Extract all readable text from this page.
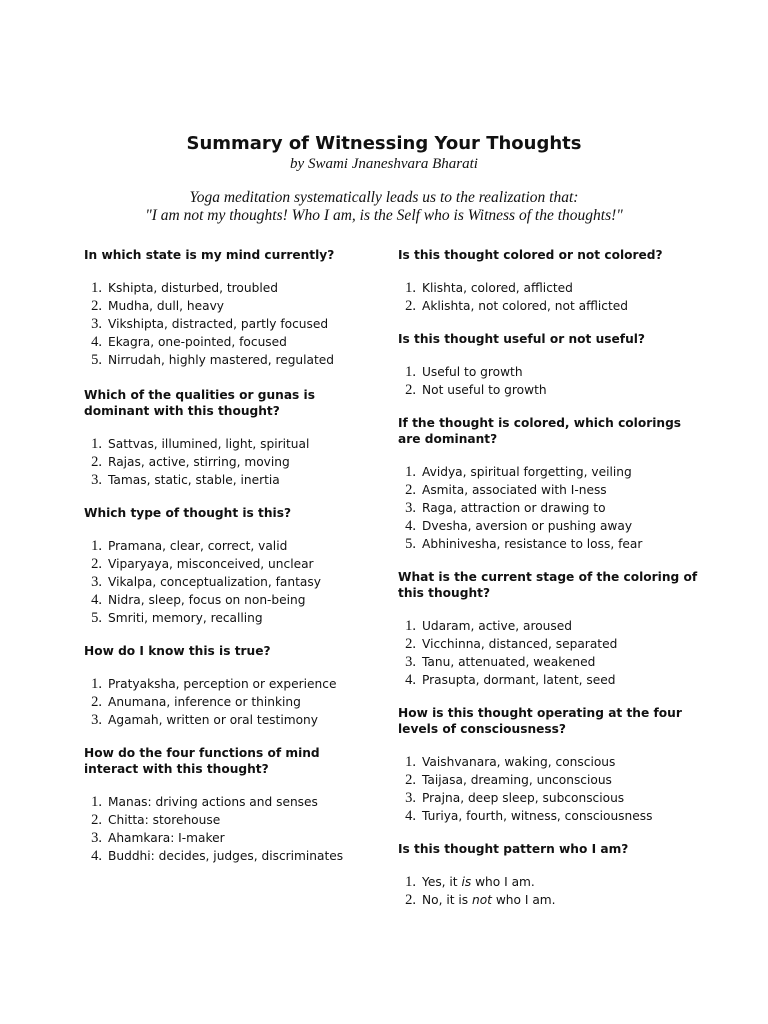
Summary of Witnessing Your Thoughts
by Swami Jnaneshvara Bharati
Yoga meditation systematically leads us to the realization that:
"I am not my thoughts! Who I am, is the Self who is Witness of the thoughts!"
In which state is my mind currently?
1. Kshipta, disturbed, troubled
2. Mudha, dull, heavy
3. Vikshipta, distracted, partly focused
4. Ekagra, one-pointed, focused
5. Nirrudah, highly mastered, regulated
Which of the qualities or gunas is dominant with this thought?
1. Sattvas, illumined, light, spiritual
2. Rajas, active, stirring, moving
3. Tamas, static, stable, inertia
Which type of thought is this?
1. Pramana, clear, correct, valid
2. Viparyaya, misconceived, unclear
3. Vikalpa, conceptualization, fantasy
4. Nidra, sleep, focus on non-being
5. Smriti, memory, recalling
How do I know this is true?
1. Pratyaksha, perception or experience
2. Anumana, inference or thinking
3. Agamah, written or oral testimony
How do the four functions of mind interact with this thought?
1. Manas: driving actions and senses
2. Chitta: storehouse
3. Ahamkara: I-maker
4. Buddhi: decides, judges, discriminates
Is this thought colored or not colored?
1. Klishta, colored, afflicted
2. Aklishta, not colored, not afflicted
Is this thought useful or not useful?
1. Useful to growth
2. Not useful to growth
If the thought is colored, which colorings are dominant?
1. Avidya, spiritual forgetting, veiling
2. Asmita, associated with I-ness
3. Raga, attraction or drawing to
4. Dvesha, aversion or pushing away
5. Abhinivesha, resistance to loss, fear
What is the current stage of the coloring of this thought?
1. Udaram, active, aroused
2. Vicchinna, distanced, separated
3. Tanu, attenuated, weakened
4. Prasupta, dormant, latent, seed
How is this thought operating at the four levels of consciousness?
1. Vaishvanara, waking, conscious
2. Taijasa, dreaming, unconscious
3. Prajna, deep sleep, subconscious
4. Turiya, fourth, witness, consciousness
Is this thought pattern who I am?
1. Yes, it is who I am.
2. No, it is not who I am.
